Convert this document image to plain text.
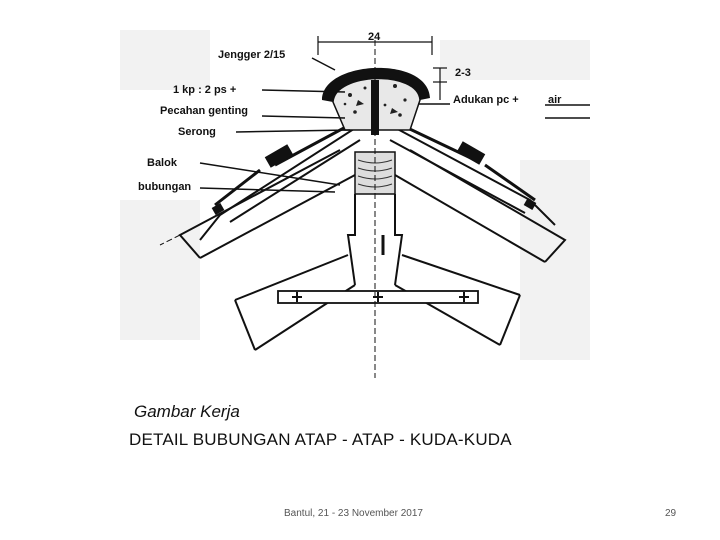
24
Jengger 2/15
1 kp : 2 ps +
Pecahan genting
Serong
2-3
Adukan pc +	air
Balok
bubungan
Gambar Kerja
DETAIL BUBUNGAN ATAP - ATAP - KUDA-KUDA
Bantul, 21 - 23 November 2017	29
